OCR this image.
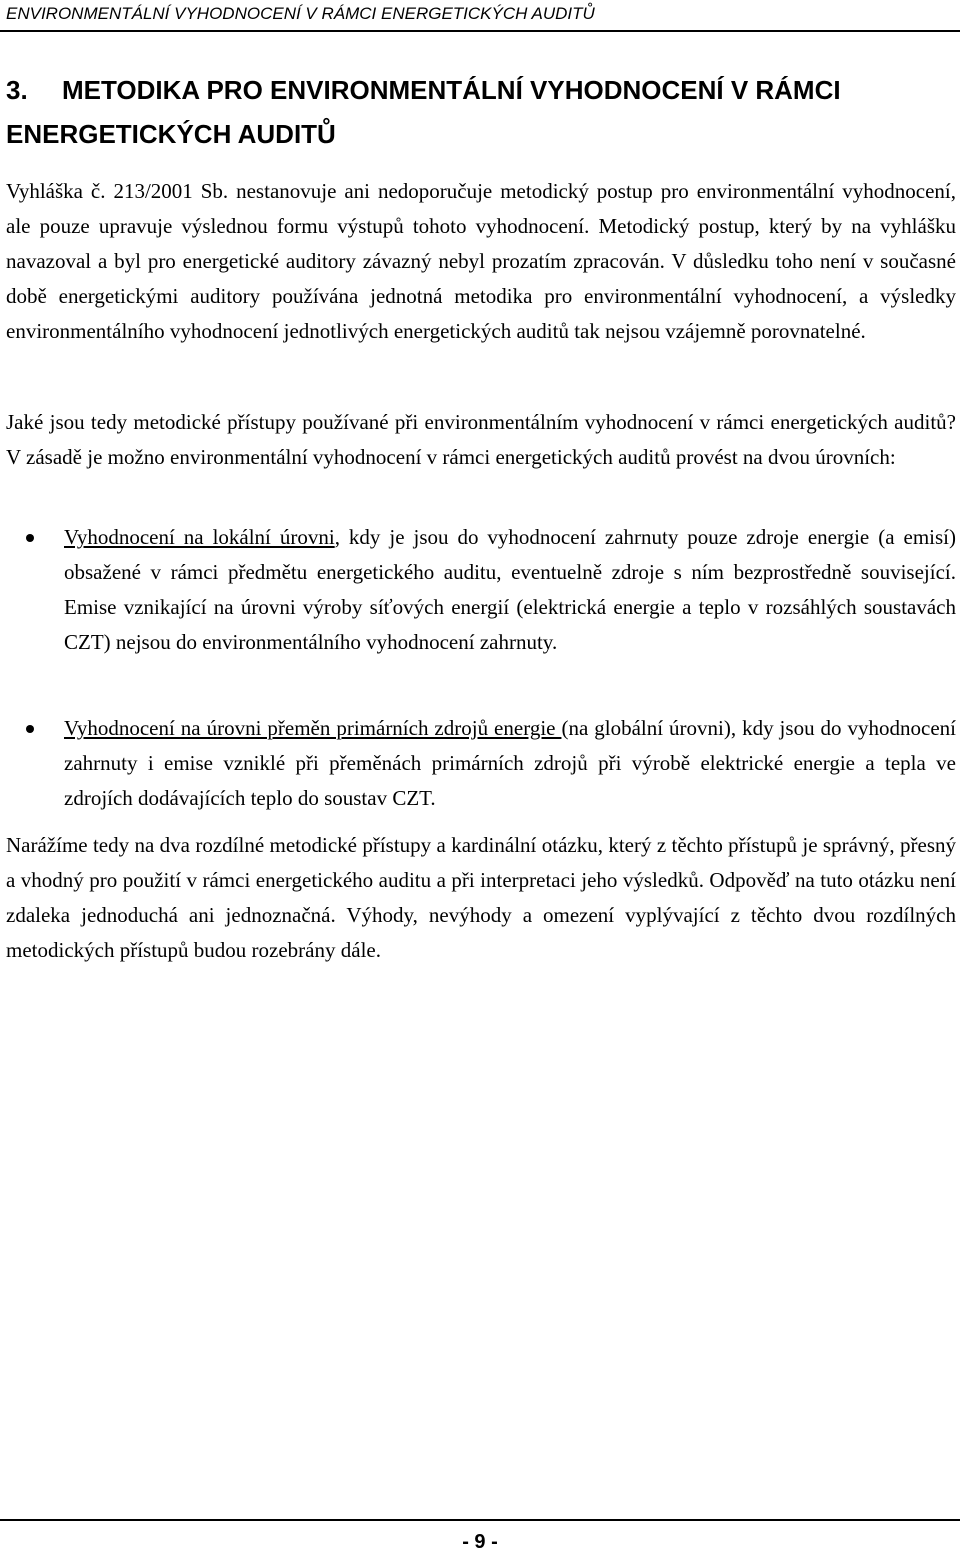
ENVIRONMENTÁLNÍ VYHODNOCENÍ V RÁMCI ENERGETICKÝCH AUDITŮ
3. METODIKA PRO ENVIRONMENTÁLNÍ VYHODNOCENÍ V RÁMCI ENERGETICKÝCH AUDITŮ

Vyhláška č. 213/2001 Sb. nestanovuje ani nedoporučuje metodický postup pro environmentální vyhodnocení, ale pouze upravuje výslednou formu výstupů tohoto vyhodnocení. Metodický postup, který by na vyhlášku navazoval a byl pro energetické auditory závazný nebyl prozatím zpracován. V důsledku toho není v současné době energetickými auditory používána jednotná metodika pro environmentální vyhodnocení, a výsledky environmentálního vyhodnocení jednotlivých energetických auditů tak nejsou vzájemně porovnatelné.

Jaké jsou tedy metodické přístupy používané při environmentálním vyhodnocení v rámci energetických auditů? V zásadě je možno environmentální vyhodnocení v rámci energetických auditů provést na dvou úrovních:

Vyhodnocení na lokální úrovni, kdy je jsou do vyhodnocení zahrnuty pouze zdroje energie (a emisí) obsažené v rámci předmětu energetického auditu, eventuelně zdroje s ním bezprostředně související. Emise vznikající na úrovni výroby síťových energií (elektrická energie a teplo v rozsáhlých soustavách CZT) nejsou do environmentálního vyhodnocení zahrnuty.
Vyhodnocení na úrovni přeměn primárních zdrojů energie (na globální úrovni), kdy jsou do vyhodnocení zahrnuty i emise vzniklé při přeměnách primárních zdrojů při výrobě elektrické energie a tepla ve zdrojích dodávajících teplo do soustav CZT.

Narážíme tedy na dva rozdílné metodické přístupy a kardinální otázku, který z těchto přístupů je správný, přesný a vhodný pro použití v rámci energetického auditu a při interpretaci jeho výsledků. Odpověď na tuto otázku není zdaleka jednoduchá ani jednoznačná. Výhody, nevýhody a omezení vyplývající z těchto dvou rozdílných metodických přístupů budou rozebrány dále.

- 9 -
